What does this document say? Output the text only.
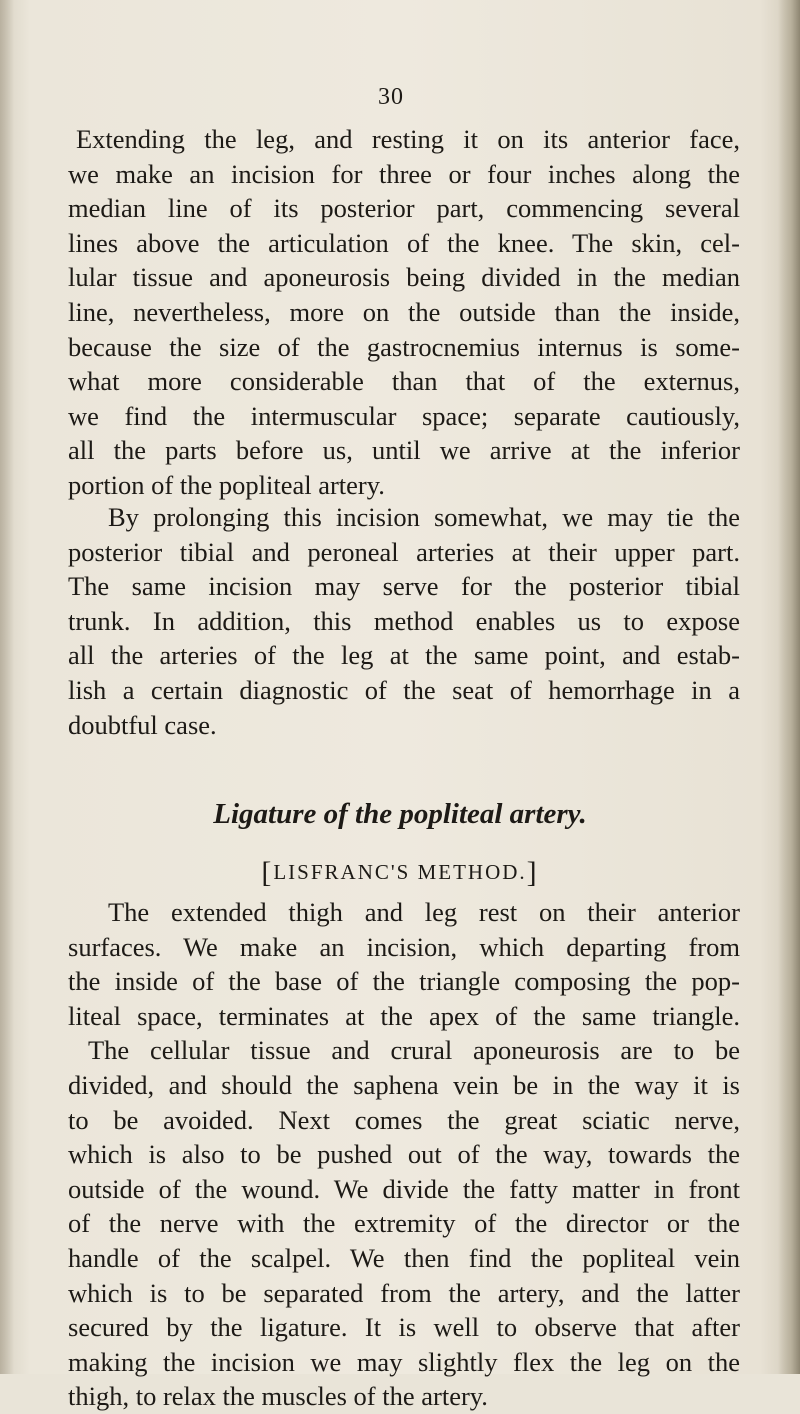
30
Extending the leg, and resting it on its anterior face,
we make an incision for three or four inches along the
median line of its posterior part, commencing several
lines above the articulation of the knee. The skin, cel-
lular tissue and aponeurosis being divided in the median
line, nevertheless, more on the outside than the inside,
because the size of the gastrocnemius internus is some-
what more considerable than that of the externus,
we find the intermuscular space; separate cautiously,
all the parts before us, until we arrive at the inferior
portion of the popliteal artery.
By prolonging this incision somewhat, we may tie the
posterior tibial and peroneal arteries at their upper part.
The same incision may serve for the posterior tibial
trunk. In addition, this method enables us to expose
all the arteries of the leg at the same point, and estab-
lish a certain diagnostic of the seat of hemorrhage in a
doubtful case.
Ligature of the popliteal artery.
[LISFRANC'S METHOD.]
The extended thigh and leg rest on their anterior
surfaces. We make an incision, which departing from
the inside of the base of the triangle composing the pop-
liteal space, terminates at the apex of the same triangle.
The cellular tissue and crural aponeurosis are to be
divided, and should the saphena vein be in the way it is
to be avoided. Next comes the great sciatic nerve,
which is also to be pushed out of the way, towards the
outside of the wound. We divide the fatty matter in front
of the nerve with the extremity of the director or the
handle of the scalpel. We then find the popliteal vein
which is to be separated from the artery, and the latter
secured by the ligature. It is well to observe that after
making the incision we may slightly flex the leg on the
thigh, to relax the muscles of the artery.
